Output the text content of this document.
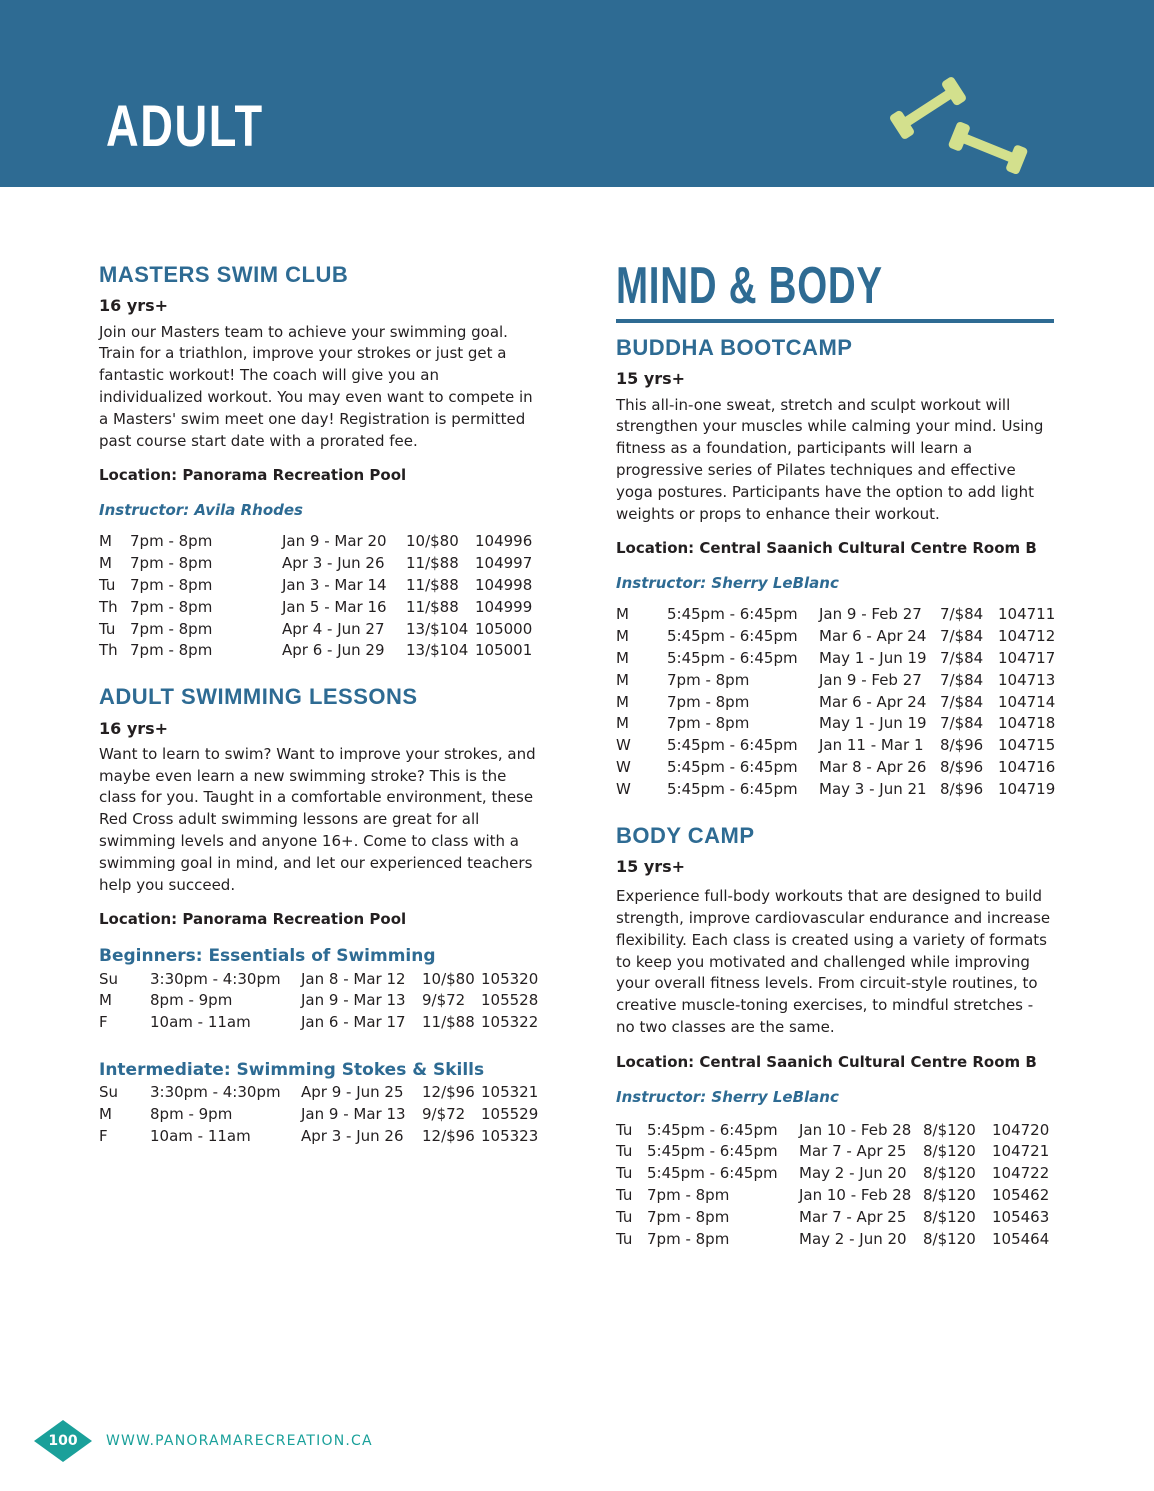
ADULT
MASTERS SWIM CLUB
16 yrs+

Join our Masters team to achieve your swimming goal. Train for a triathlon, improve your strokes or just get a fantastic workout! The coach will give you an individualized workout. You may even want to compete in a Masters' swim meet one day! Registration is permitted past course start date with a prorated fee.

Location: Panorama Recreation Pool

Instructor: Avila Rhodes

M	7pm - 8pm	Jan 9 - Mar 20	10/$80	104996
M	7pm - 8pm	Apr 3 - Jun 26	11/$88	104997
Tu 7pm - 8pm	Jan 3 - Mar 14	11/$88	104998
Th 7pm - 8pm	Jan 5 - Mar 16	11/$88	104999
Tu 7pm - 8pm	Apr 4 - Jun 27	13/$104 105000
Th 7pm - 8pm	Apr 6 - Jun 29	13/$104 105001
ADULT SWIMMING LESSONS
16 yrs+

Want to learn to swim? Want to improve your strokes, and maybe even learn a new swimming stroke? This is the class for you. Taught in a comfortable environment, these Red Cross adult swimming lessons are great for all swimming levels and anyone 16+. Come to class with a swimming goal in mind, and let our experienced teachers help you succeed.

Location: Panorama Recreation Pool

Beginners: Essentials of Swimming

Su	3:30pm - 4:30pm	Jan 8 - Mar 12	10/$80 105320
M	8pm - 9pm	Jan 9 - Mar 13	9/$72	105528
F	10am - 11am	Jan 6 - Mar 17	11/$88 105322

Intermediate: Swimming Stokes & Skills

Su	3:30pm - 4:30pm	Apr 9 - Jun 25	12/$96 105321
M	8pm - 9pm	Jan 9 - Mar 13	9/$72	105529
F	10am - 11am	Apr 3 - Jun 26	12/$96 105323
MIND & BODY
BUDDHA BOOTCAMP
15 yrs+

This all-in-one sweat, stretch and sculpt workout will strengthen your muscles while calming your mind. Using fitness as a foundation, participants will learn a progressive series of Pilates techniques and effective yoga postures. Participants have the option to add light weights or props to enhance their workout.

Location: Central Saanich Cultural Centre Room B

Instructor: Sherry LeBlanc

M	5:45pm - 6:45pm	Jan 9 - Feb 27	7/$84 104711
M	5:45pm - 6:45pm	Mar 6 - Apr 24 7/$84 104712
M	5:45pm - 6:45pm	May 1 - Jun 19 7/$84 104717
M	7pm - 8pm	Jan 9 - Feb 27	7/$84 104713
M	7pm - 8pm	Mar 6 - Apr 24 7/$84 104714
M	7pm - 8pm	May 1 - Jun 19 7/$84 104718
W	5:45pm - 6:45pm	Jan 11 - Mar 1	8/$96 104715
W	5:45pm - 6:45pm	Mar 8 - Apr 26 8/$96 104716
W	5:45pm - 6:45pm	May 3 - Jun 21 8/$96 104719
BODY CAMP
15 yrs+

Experience full-body workouts that are designed to build strength, improve cardiovascular endurance and increase flexibility. Each class is created using a variety of formats to keep you motivated and challenged while improving your overall fitness levels. From circuit-style routines, to creative muscle-toning exercises, to mindful stretches - no two classes are the same.

Location: Central Saanich Cultural Centre Room B

Instructor: Sherry LeBlanc

Tu 5:45pm - 6:45pm	Jan 10 - Feb 28 8/$120	104720
Tu 5:45pm - 6:45pm	Mar 7 - Apr 25	8/$120	104721
Tu 5:45pm - 6:45pm	May 2 - Jun 20	8/$120	104722
Tu 7pm - 8pm	Jan 10 - Feb 28 8/$120	105462
Tu 7pm - 8pm	Mar 7 - Apr 25	8/$120	105463
Tu 7pm - 8pm	May 2 - Jun 20	8/$120	105464
100	WWW.PANORAMARECREATION.CA
